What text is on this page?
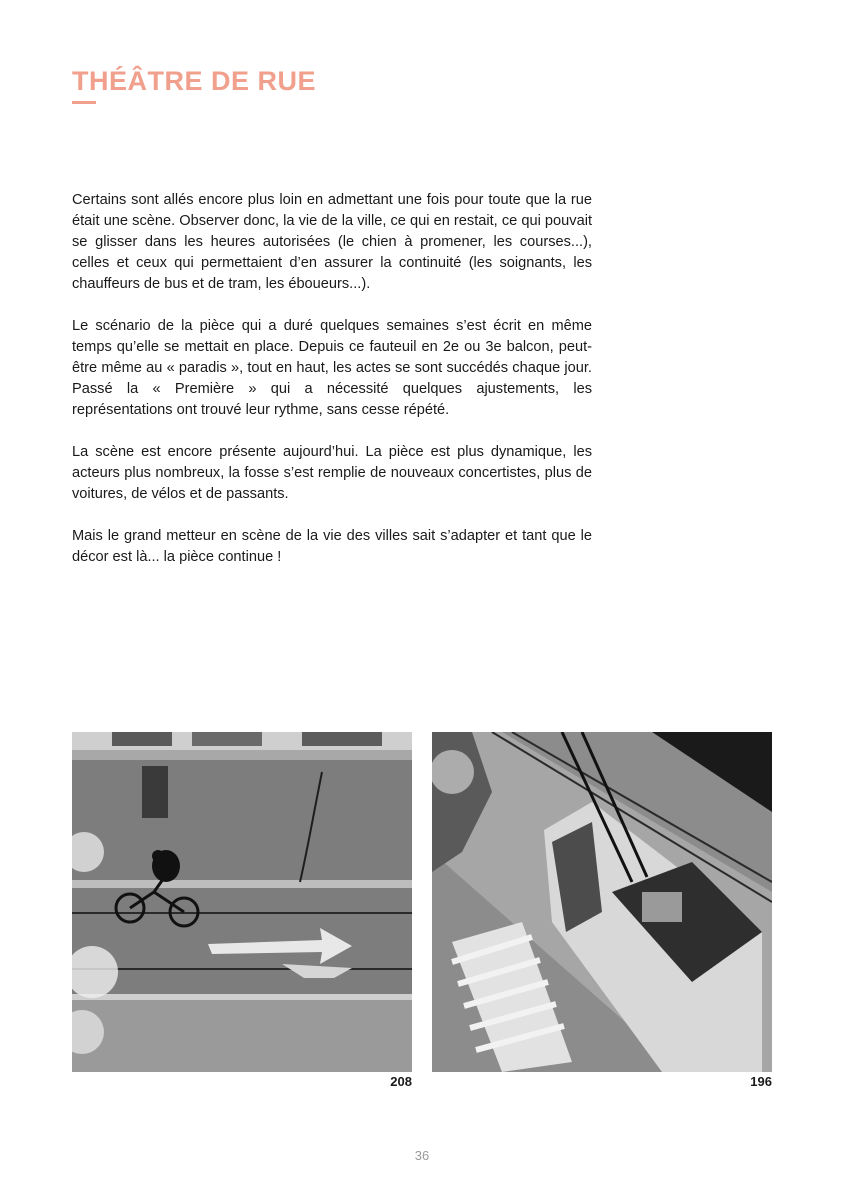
THÉÂTRE DE RUE

Certains sont allés encore plus loin en admettant une fois pour toute que la rue était une scène. Observer donc, la vie de la ville, ce qui en restait, ce qui pouvait se glisser dans les heures autorisées (le chien à promener, les courses...), celles et ceux qui permettaient d’en assurer la continuité (les soignants, les chauffeurs de bus et de tram, les éboueurs...).

Le scénario de la pièce qui a duré quelques semaines s’est écrit en même temps qu’elle se mettait en place. Depuis ce fauteuil en 2e ou 3e balcon, peut-être même au « paradis », tout en haut, les actes se sont succédés chaque jour. Passé la « Première » qui a nécessité quelques ajustements, les représentations ont trouvé leur rythme, sans cesse répété.

La scène est encore présente aujourd’hui. La pièce est plus dynamique, les acteurs plus nombreux, la fosse s’est remplie de nouveaux concertistes, plus de voitures, de vélos et de passants.

Mais le grand metteur en scène de la vie des villes sait s’adapter et tant que le décor est là... la pièce continue !

208	196
36
